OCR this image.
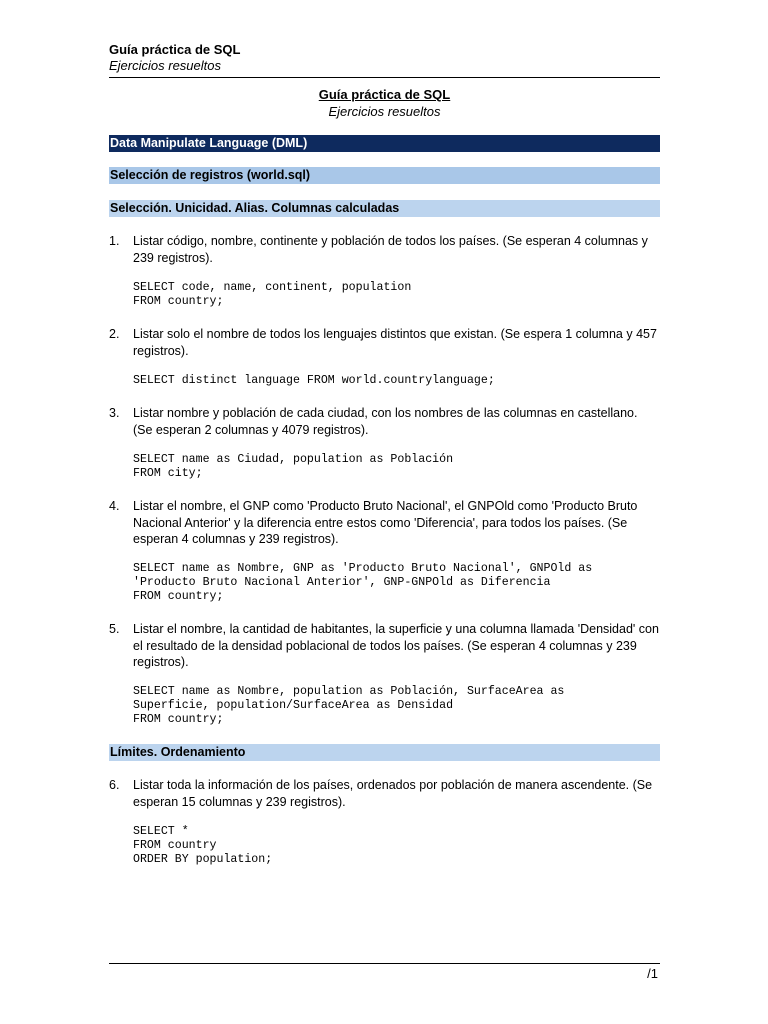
Guía práctica de SQL
Ejercicios resueltos
Guía práctica de SQL
Ejercicios resueltos
Data Manipulate Language (DML)
Selección de registros (world.sql)
Selección. Unicidad. Alias. Columnas calculadas
1.	Listar código, nombre, continente y población de todos los países. (Se esperan 4 columnas y 239 registros).
SELECT code, name, continent, population
FROM country;
2.	Listar solo el nombre de todos los lenguajes distintos que existan. (Se espera 1 columna y 457 registros).
SELECT distinct language FROM world.countrylanguage;
3.	Listar nombre y población de cada ciudad, con los nombres de las columnas en castellano. (Se esperan 2 columnas y 4079 registros).
SELECT name as Ciudad, population as Población
FROM city;
4.	Listar el nombre, el GNP como 'Producto Bruto Nacional', el GNPOld como 'Producto Bruto Nacional Anterior' y la diferencia entre estos como 'Diferencia', para todos los países. (Se esperan 4 columnas y 239 registros).
SELECT name as Nombre, GNP as 'Producto Bruto Nacional', GNPOld as
'Producto Bruto Nacional Anterior', GNP-GNPOld as Diferencia
FROM country;
5.	Listar el nombre, la cantidad de habitantes, la superficie y una columna llamada 'Densidad' con el resultado de la densidad poblacional de todos los países. (Se esperan 4 columnas y 239 registros).
SELECT name as Nombre, population as Población, SurfaceArea as
Superficie, population/SurfaceArea as Densidad
FROM country;
Límites. Ordenamiento
6.	Listar toda la información de los países, ordenados por población de manera ascendente. (Se esperan 15 columnas y 239 registros).
SELECT *
FROM country
ORDER BY population;
/1
